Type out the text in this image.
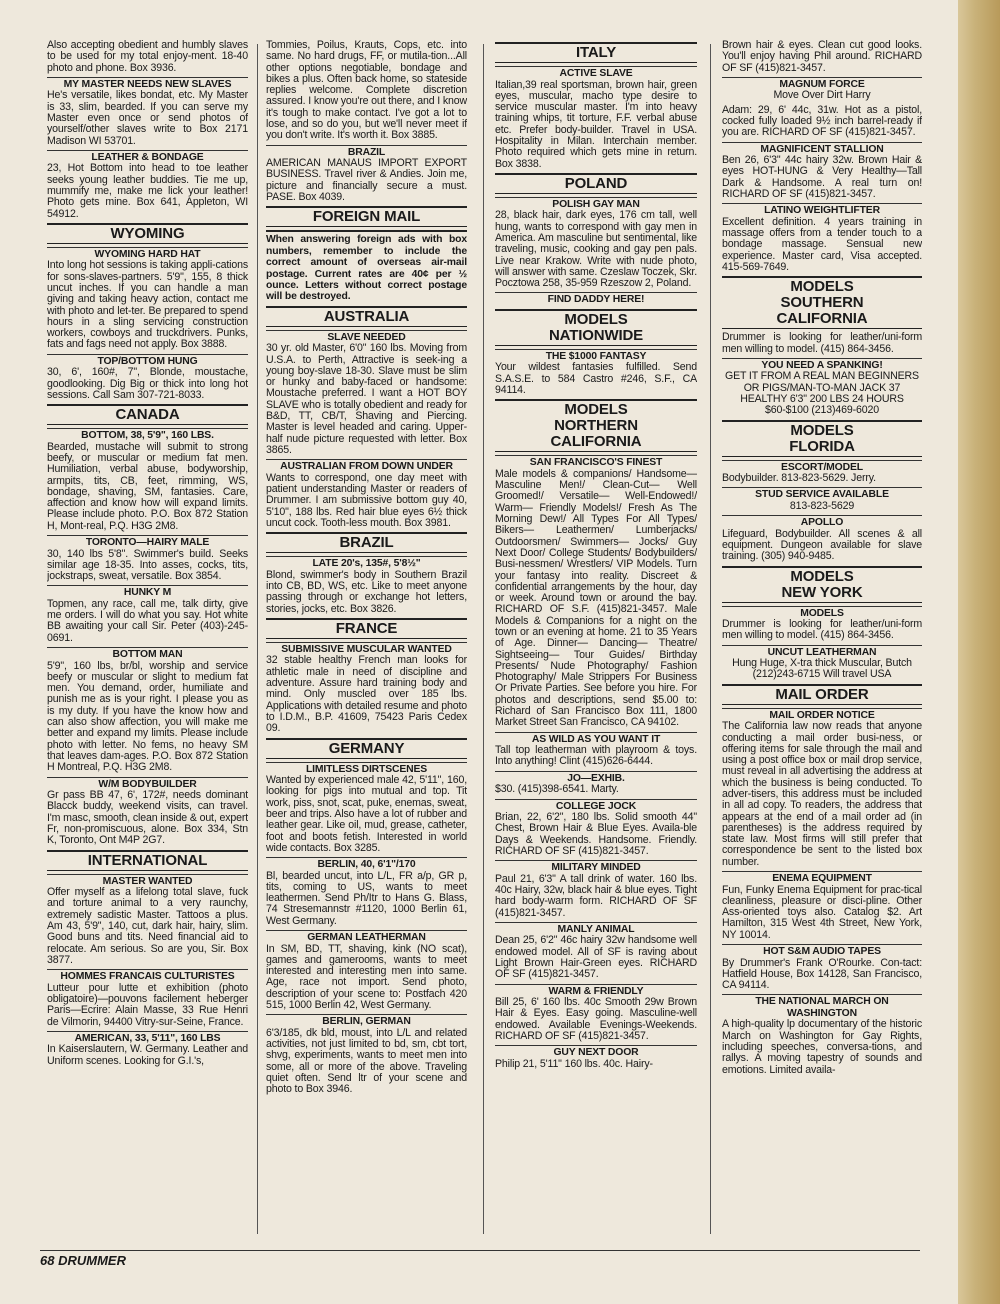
Also accepting obedient and humbly slaves to be used for my total enjoy-ment. 18-40 photo and phone. Box 3936.
MY MASTER NEEDS NEW SLAVES
He's versatile, likes bondat, etc. My Master is 33, slim, bearded. If you can serve my Master even once or send photos of yourself/other slaves write to Box 2171 Madison WI 53701.
LEATHER & BONDAGE
23, Hot Bottom into head to toe leather seeks young leather buddies. Tie me up, mummify me, make me lick your leather! Photo gets mine. Box 641, Appleton, WI 54912.
WYOMING
WYOMING HARD HAT
Into long hot sessions is taking appli-cations for sons-slaves-partners. 5'9", 155, 8 thick uncut inches. If you can handle a man giving and taking heavy action, contact me with photo and let-ter. Be prepared to spend hours in a sling servicing construction workers, cowboys and truckdrivers. Punks, fats and fags need not apply. Box 3888.
TOP/BOTTOM HUNG
30, 6', 160#, 7", Blonde, moustache, goodlooking. Dig Big or thick into long hot sessions. Call Sam 307-721-8033.
CANADA
BOTTOM, 38, 5'9", 160 LBS.
Bearded, mustache will submit to strong beefy, or muscular or medium fat men. Humiliation, verbal abuse, bodyworship, armpits, tits, CB, feet, rimming, WS, bondage, shaving, SM, fantasies. Care, affection and know how will expand limits. Please include photo. P.O. Box 872 Station H, Mont-real, P.Q. H3G 2M8.
TORONTO—HAIRY MALE
30, 140 lbs 5'8". Swimmer's build. Seeks similar age 18-35. Into asses, cocks, tits, jockstraps, sweat, versatile. Box 3854.
HUNKY M
Topmen, any race, call me, talk dirty, give me orders. I will do what you say. Hot white BB awaiting your call Sir. Peter (403)-245-0691.
BOTTOM MAN
5'9", 160 lbs, br/bl, worship and service beefy or muscular or slight to medium fat men. You demand, order, humiliate and punish me as is your right. I please you as is my duty. If you have the know how and can also show affection, you will make me better and expand my limits. Please include photo with letter. No fems, no heavy SM that leaves dam-ages. P.O. Box 872 Station H Montreal, P.Q. H3G 2M8.
W/M BODYBUILDER
Gr pass BB 47, 6', 172#, needs dominant Blacck buddy, weekend visits, can travel. I'm masc, smooth, clean inside & out, expert Fr, non-promiscuous, alone. Box 334, Stn K, Toronto, Ont M4P 2G7.
INTERNATIONAL
MASTER WANTED
Offer myself as a lifelong total slave, fuck and torture animal to a very raunchy, extremely sadistic Master. Tattoos a plus. Am 43, 5'9", 140, cut, dark hair, hairy, slim. Good buns and tits. Need financial aid to relocate. Am serious. So are you, Sir. Box 3877.
HOMMES FRANCAIS CULTURISTES
Lutteur pour lutte et exhibition (photo obligatoire)—pouvons facilement heberger Paris—Ecrire: Alain Masse, 33 Rue Henri de Vilmorin, 94400 Vitry-sur-Seine, France.
AMERICAN, 33, 5'11", 160 LBS
In Kaiserslautern, W. Germany. Leather and Uniform scenes. Looking for G.I.'s,
Tommies, Poilus, Krauts, Cops, etc. into same. No hard drugs, FF, or mutila-tion...All other options negotiable, bondage and bikes a plus. Often back home, so stateside replies welcome. Complete discretion assured. I know you're out there, and I know it's tough to make contact. I've got a lot to lose, and so do you, but we'll never meet if you don't write. It's worth it. Box 3885.
BRAZIL
AMERICAN MANAUS IMPORT EXPORT BUSINESS. Travel river & Andies. Join me, picture and financially secure a must. PASE. Box 4039.
FOREIGN MAIL
When answering foreign ads with box numbers, remember to include the correct amount of overseas air-mail postage. Current rates are 40¢ per ½ ounce. Letters without correct postage will be destroyed.
AUSTRALIA
SLAVE NEEDED
30 yr. old Master, 6'0" 160 lbs. Moving from U.S.A. to Perth, Attractive is seek-ing a young boy-slave 18-30. Slave must be slim or hunky and baby-faced or handsome: Moustache preferred. I want a HOT BOY SLAVE who is totally obedient and ready for B&D, TT, CB/T, Shaving and Piercing. Master is level headed and caring. Upper-half nude picture requested with letter. Box 3865.
AUSTRALIAN FROM DOWN UNDER
Wants to correspond, one day meet with patient understanding Master or readers of Drummer. I am submissive bottom guy 40, 5'10", 188 lbs. Red hair blue eyes 6½ thick uncut cock. Tooth-less mouth. Box 3981.
BRAZIL
LATE 20's, 135#, 5'8½"
Blond, swimmer's body in Southern Brazil into CB, BD, WS, etc. Like to meet anyone passing through or exchange hot letters, stories, jocks, etc. Box 3826.
FRANCE
SUBMISSIVE MUSCULAR WANTED
32 stable healthy French man looks for athletic male in need of discipline and adventure. Assure hard training body and mind. Only muscled over 185 lbs. Applications with detailed resume and photo to I.D.M., B.P. 41609, 75423 Paris Cedex 09.
GERMANY
LIMITLESS DIRTSCENES
Wanted by experienced male 42, 5'11", 160, looking for pigs into mutual and top. Tit work, piss, snot, scat, puke, enemas, sweat, beer and trips. Also have a lot of rubber and leather gear. Like oil, mud, grease, catheter, foot and boots fetish. Interested in world wide contacts. Box 3285.
BERLIN, 40, 6'1"/170
Bl, bearded uncut, into L/L, FR a/p, GR p, tits, coming to US, wants to meet leathermen. Send Ph/Itr to Hans G. Blass, 74 Stresemannstr #1120, 1000 Berlin 61, West Germany.
GERMAN LEATHERMAN
In SM, BD, TT, shaving, kink (NO scat), games and gamerooms, wants to meet interested and interesting men into same. Age, race not import. Send photo, description of your scene to: Postfach 420 515, 1000 Berlin 42, West Germany.
BERLIN, GERMAN
6'3/185, dk bld, moust, into L/L and related activities, not just limited to bd, sm, cbt tort, shvg, experiments, wants to meet men into some, all or more of the above. Traveling quiet often. Send ltr of your scene and photo to Box 3946.
ITALY
ACTIVE SLAVE
Italian,39 real sportsman, brown hair, green eyes, muscular, macho type desire to service muscular master. I'm into heavy training whips, tit torture, F.F. verbal abuse etc. Prefer body-builder. Travel in USA. Hospitality in Milan. Interchain member. Photo required which gets mine in return. Box 3838.
POLAND
POLISH GAY MAN
28, black hair, dark eyes, 176 cm tall, well hung, wants to correspond with gay men in America. Am masculine but sentimental, like traveling, music, cooking and gay pen pals. Live near Krakow. Write with nude photo, will answer with same. Czeslaw Toczek, Skr. Pocztowa 258, 35-959 Rzeszow 2, Poland.
FIND DADDY HERE!
MODELS
NATIONWIDE
THE $1000 FANTASY
Your wildest fantasies fulfilled. Send S.A.S.E. to 584 Castro #246, S.F., CA 94114.
MODELS
NORTHERN
CALIFORNIA
SAN FRANCISCO'S FINEST
Male models & companions/ Handsome— Masculine Men!/ Clean-Cut— Well Groomed!/ Versatile— Well-Endowed!/ Warm— Friendly Models!/ Fresh As The Morning Dew!/ All Types For All Types/ Bikers— Leathermen/ Lumberjacks/ Outdoorsmen/ Swimmers— Jocks/ Guy Next Door/ College Students/ Bodybuilders/ Busi-nessmen/ Wrestlers/ VIP Models. Turn your fantasy into reality. Discreet & confidential arrangements by the hour, day or week. Around town or around the bay. RICHARD OF S.F. (415)821-3457. Male Models & Companions for a night on the town or an evening at home. 21 to 35 Years of Age. Dinner— Dancing— Theatre/ Sightseeing— Tour Guides/ Birthday Presents/ Nude Photography/ Fashion Photography/ Male Strippers For Business Or Private Parties. See before you hire. For photos and descriptions, send $5.00 to: Richard of San Francisco Box 111, 1800 Market Street San Francisco, CA 94102.
AS WILD AS YOU WANT IT
Tall top leatherman with playroom & toys. Into anything! Clint (415)626-6444.
JO—EXHIB.
$30. (415)398-6541. Marty.
COLLEGE JOCK
Brian, 22, 6'2", 180 lbs. Solid smooth 44" Chest, Brown Hair & Blue Eyes. Availa-ble Days & Weekends. Handsome. Friendly. RICHARD OF SF (415)821-3457.
MILITARY MINDED
Paul 21, 6'3" A tall drink of water. 160 lbs. 40c Hairy, 32w, black hair & blue eyes. Tight hard body-warm form. RICHARD OF SF (415)821-3457.
MANLY ANIMAL
Dean 25, 6'2" 46c hairy 32w handsome well endowed model. All of SF is raving about Light Brown Hair-Green eyes. RICHARD OF SF (415)821-3457.
WARM & FRIENDLY
Bill 25, 6' 160 lbs. 40c Smooth 29w Brown Hair & Eyes. Easy going. Masculine-well endowed. Available Evenings-Weekends. RICHARD OF SF (415)821-3457.
GUY NEXT DOOR
Philip 21, 5'11" 160 lbs. 40c. Hairy-
Brown hair & eyes. Clean cut good looks. You'll enjoy having Phil around. RICHARD OF SF (415)821-3457.
MAGNUM FORCE
Move Over Dirt Harry
Adam: 29, 6' 44c, 31w. Hot as a pistol, cocked fully loaded 9½ inch barrel-ready if you are. RICHARD OF SF (415)821-3457.
MAGNIFICENT STALLION
Ben 26, 6'3" 44c hairy 32w. Brown Hair & eyes HOT-HUNG & Very Healthy—Tall Dark & Handsome. A real turn on! RICHARD OF SF (415)821-3457.
LATINO WEIGHTLIFTER
Excellent definition. 4 years training in massage offers from a tender touch to a bondage massage. Sensual new experience. Master card, Visa accepted. 415-569-7649.
MODELS
SOUTHERN
CALIFORNIA
Drummer is looking for leather/uni-form men willing to model. (415) 864-3456.
YOU NEED A SPANKING!
GET IT FROM A REAL MAN BEGINNERS OR PIGS/MAN-TO-MAN JACK 37 HEALTHY 6'3" 200 LBS 24 HOURS $60-$100 (213)469-6020
MODELS
FLORIDA
ESCORT/MODEL
Bodybuilder. 813-823-5629. Jerry.
STUD SERVICE AVAILABLE
813-823-5629
APOLLO
Lifeguard, Bodybuilder. All scenes & all equipment. Dungeon available for slave training. (305) 940-9485.
MODELS
NEW YORK
MODELS
Drummer is looking for leather/uni-form men willing to model. (415) 864-3456.
UNCUT LEATHERMAN
Hung Huge, X-tra thick Muscular, Butch (212)243-6715 Will travel USA
MAIL ORDER
MAIL ORDER NOTICE
The California law now reads that anyone conducting a mail order busi-ness, or offering items for sale through the mail and using a post office box or mail drop service, must reveal in all advertising the address at which the business is being conducted. To adver-tisers, this address must be included in all ad copy. To readers, the address that appears at the end of a mail order ad (in parentheses) is the address required by state law. Most firms will still prefer that correspondence be sent to the listed box number.
ENEMA EQUIPMENT
Fun, Funky Enema Equipment for prac-tical cleanliness, pleasure or disci-pline. Other Ass-oriented toys also. Catalog $2. Art Hamilton, 315 West 4th Street, New York, NY 10014.
HOT S&M AUDIO TAPES
By Drummer's Frank O'Rourke. Con-tact: Hatfield House, Box 14128, San Francisco, CA 94114.
THE NATIONAL MARCH ON WASHINGTON
A high-quality lp documentary of the historic March on Washington for Gay Rights, including speeches, conversa-tions, and rallys. A moving tapestry of sounds and emotions. Limited availa-
68 DRUMMER
